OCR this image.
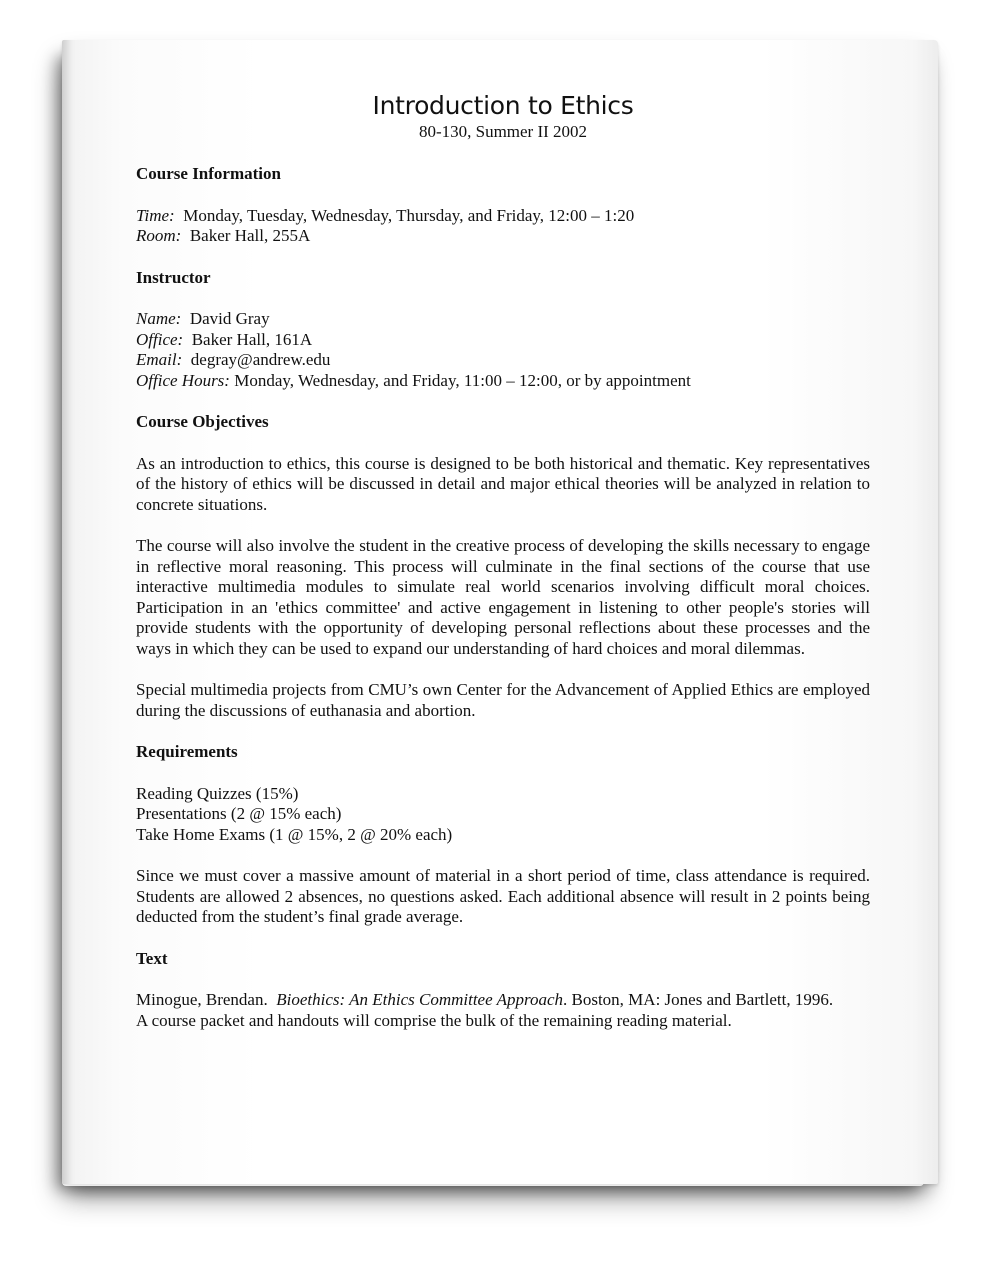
Introduction to Ethics

80-130, Summer II 2002

Course Information

Time: Monday, Tuesday, Wednesday, Thursday, and Friday, 12:00 – 1:20

Room: Baker Hall, 255A

Instructor

Name: David Gray

Office: Baker Hall, 161A

Email: degray@andrew.edu

Office Hours: Monday, Wednesday, and Friday, 11:00 – 12:00, or by appointment

Course Objectives

As an introduction to ethics, this course is designed to be both historical and thematic. Key representatives of the history of ethics will be discussed in detail and major ethical theories will be analyzed in relation to concrete situations.

The course will also involve the student in the creative process of developing the skills necessary to engage in reflective moral reasoning. This process will culminate in the final sections of the course that use interactive multimedia modules to simulate real world scenarios involving difficult moral choices. Participation in an 'ethics committee' and active engagement in listening to other people's stories will provide students with the opportunity of developing personal reflections about these processes and the ways in which they can be used to expand our understanding of hard choices and moral dilemmas.

Special multimedia projects from CMU’s own Center for the Advancement of Applied Ethics are employed during the discussions of euthanasia and abortion.

Requirements

Reading Quizzes (15%)

Presentations (2 @ 15% each)

Take Home Exams (1 @ 15%, 2 @ 20% each)

Since we must cover a massive amount of material in a short period of time, class attendance is required. Students are allowed 2 absences, no questions asked. Each additional absence will result in 2 points being deducted from the student’s final grade average.

Text

Minogue, Brendan. Bioethics: An Ethics Committee Approach. Boston, MA: Jones and Bartlett, 1996.

A course packet and handouts will comprise the bulk of the remaining reading material.
